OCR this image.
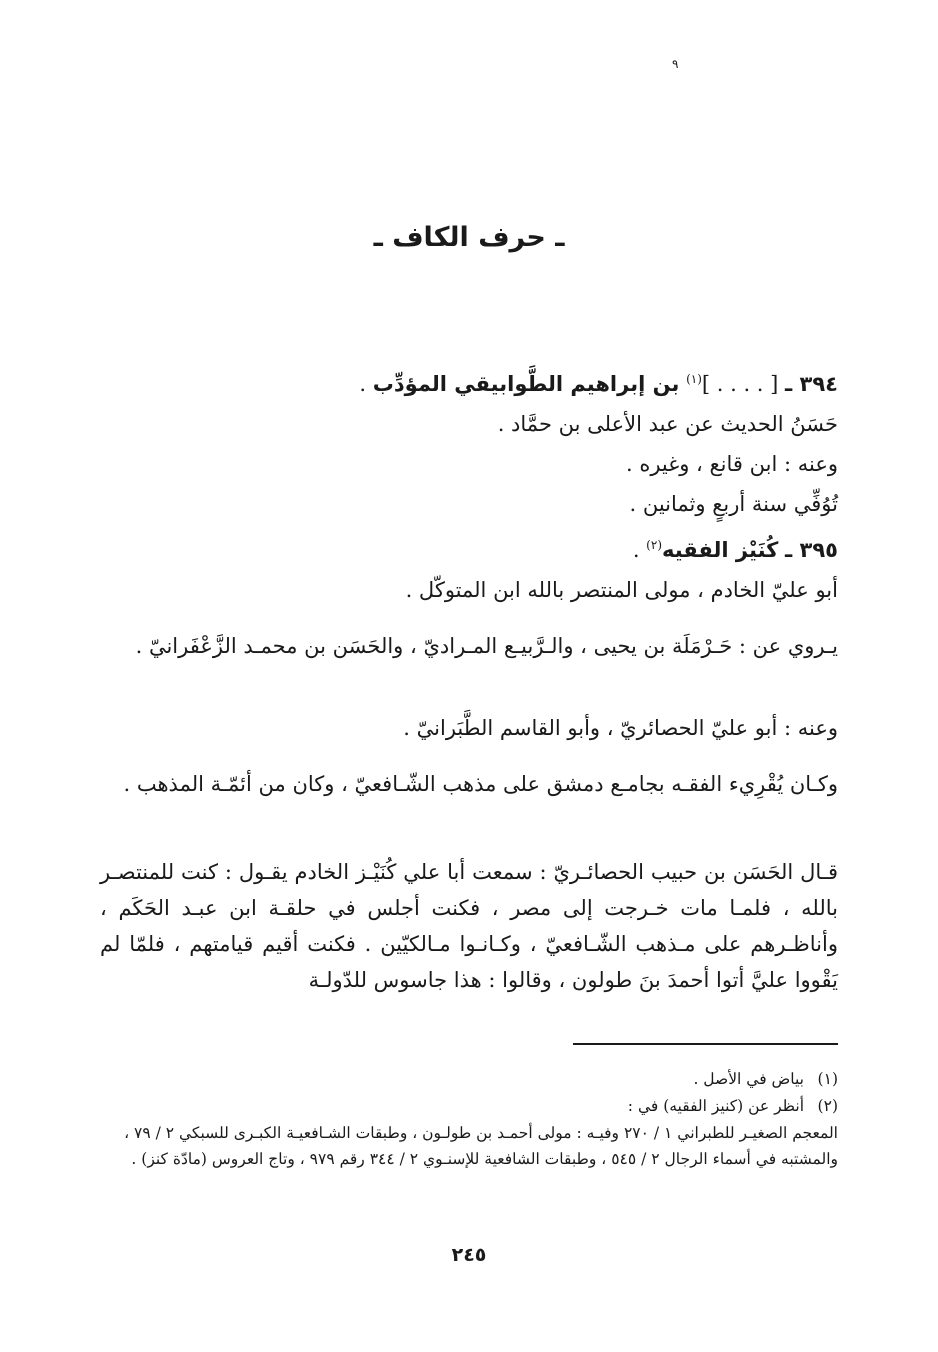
٩
ـ حرف الكاف ـ
٣٩٤ ـ [ . . . . ]$^{(١)}$ بن إبراهيم الطَّوابيقي المؤدِّب .
حَسَنُ الحديث عن عبد الأعلى بن حمَّاد .
وعنه : ابن قانع ، وغيره .
تُوُفِّي سنة أربعٍ وثمانين .
٣٩٥ ـ كُنَيْز الفقيه$^{(٢)}$ .
أبو عليّ الخادم ، مولى المنتصر بالله ابن المتوكّل .
يـروي عن : حَـرْمَلَة بن يحيى ، والـرَّبيـع المـراديّ ، والحَسَن بن محمـد الزَّعْفَرانيّ .
وعنه : أبو عليّ الحصائريّ ، وأبو القاسم الطَّبَرانيّ .
وكـان يُقْرِيء الفقـه بجامـع دمشق على مذهب الشّـافعيّ ، وكان من أئمّـة المذهب .
قـال الحَسَن بن حبيب الحصائـريّ : سمعت أبا علي كُنَيْـز الخادم يقـول : كنت للمنتصـر بالله ، فلمـا مات خـرجت إلى مصر ، فكنت أجلس في حلقـة ابن عبـد الحَكَم ، وأناظـرهم على مـذهب الشّـافعيّ ، وكـانـوا مـالكيّين . فكنت أقيم قيامتهم ، فلمّا لم يَقْووا عليَّ أتوا أحمدَ بنَ طولون ، وقالوا : هذا جاسوس للدّولـة
(١)بياض في الأصل .
(٢)أنظر عن (كنيز الفقيه) في :
المعجم الصغيـر للطبراني ١ / ٢٧٠ وفيـه : مولى أحمـد بن طولـون ، وطبقات الشـافعيـة الكبـرى للسبكي ٢ / ٧٩ ، والمشتبه في أسماء الرجال ٢ / ٥٤٥ ، وطبقات الشافعية للإسنـوي ٢ / ٣٤٤ رقم ٩٧٩ ، وتاج العروس (مادّة كنز) .
٢٤٥
